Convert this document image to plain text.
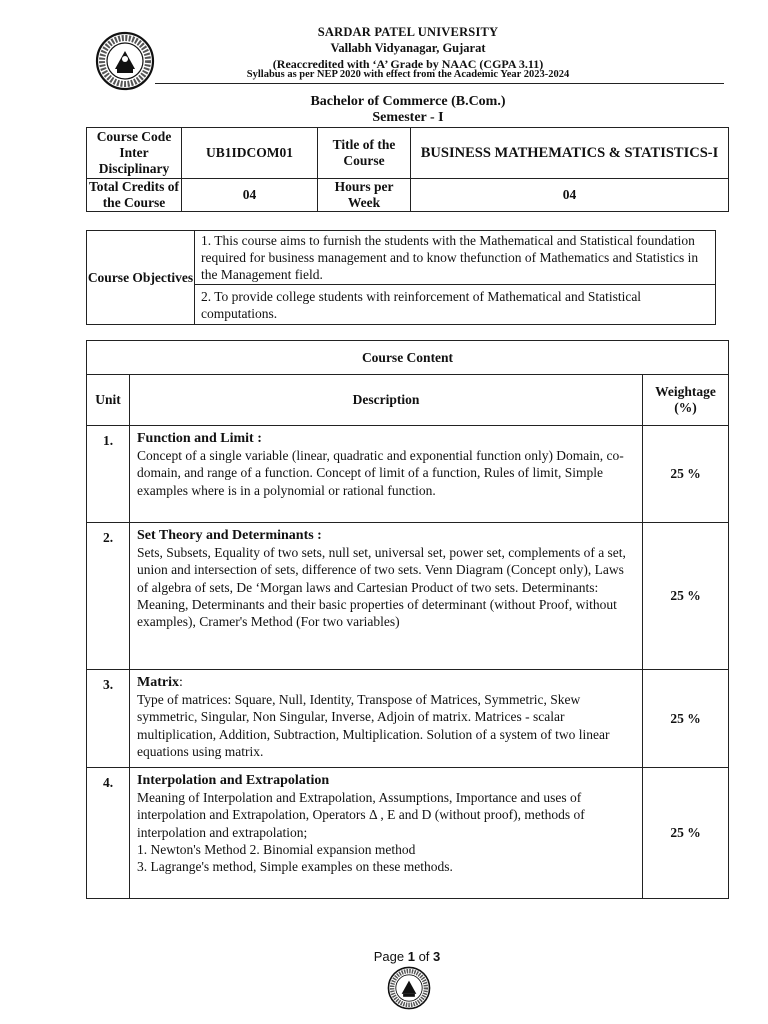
SARDAR PATEL UNIVERSITY
Vallabh Vidyanagar, Gujarat
(Reaccredited with ‘A’ Grade by NAAC (CGPA 3.11)
Syllabus as per NEP 2020 with effect from the Academic Year 2023-2024
Bachelor of Commerce (B.Com.)
Semester - I
Course Code Inter Disciplinary	UB1IDCOM01	Title of the Course	BUSINESS MATHEMATICS & STATISTICS-I
Total Credits of the Course	04	Hours per Week	04
Course Objectives	1. This course aims to furnish the students with the Mathematical and Statistical foundation required for business management and to know thefunction of Mathematics and Statistics in the Management field.
2. To provide college students with reinforcement of Mathematical and Statistical computations.
Course Content		
Unit	Description	Weightage (%)
1.	Function and Limit :
Concept of a single variable (linear, quadratic and exponential function only) Domain, co-domain, and range of a function. Concept of limit of a function, Rules of limit, Simple examples where is in a polynomial or rational function.	25 %
2.	Set Theory and Determinants :
Sets, Subsets, Equality of two sets, null set, universal set, power set, complements of a set, union and intersection of sets, difference of two sets. Venn Diagram (Concept only), Laws of algebra of sets, De ‘Morgan laws and Cartesian Product of two sets. Determinants: Meaning, Determinants and their basic properties of determinant (without Proof, without examples), Cramer's Method (For two variables)	25 %
3.	Matrix:
Type of matrices: Square, Null, Identity, Transpose of Matrices, Symmetric, Skew symmetric, Singular, Non Singular, Inverse, Adjoin of matrix. Matrices - scalar multiplication, Addition, Subtraction, Multiplication. Solution of a system of two linear equations using matrix.	25 %
4.	Interpolation and Extrapolation
Meaning of Interpolation and Extrapolation, Assumptions, Importance and uses of interpolation and Extrapolation, Operators Δ , E and D (without proof), methods of interpolation and extrapolation;
1. Newton's Method 2. Binomial expansion method
3. Lagrange's method, Simple examples on these methods.	25 %
Page 1 of 3
